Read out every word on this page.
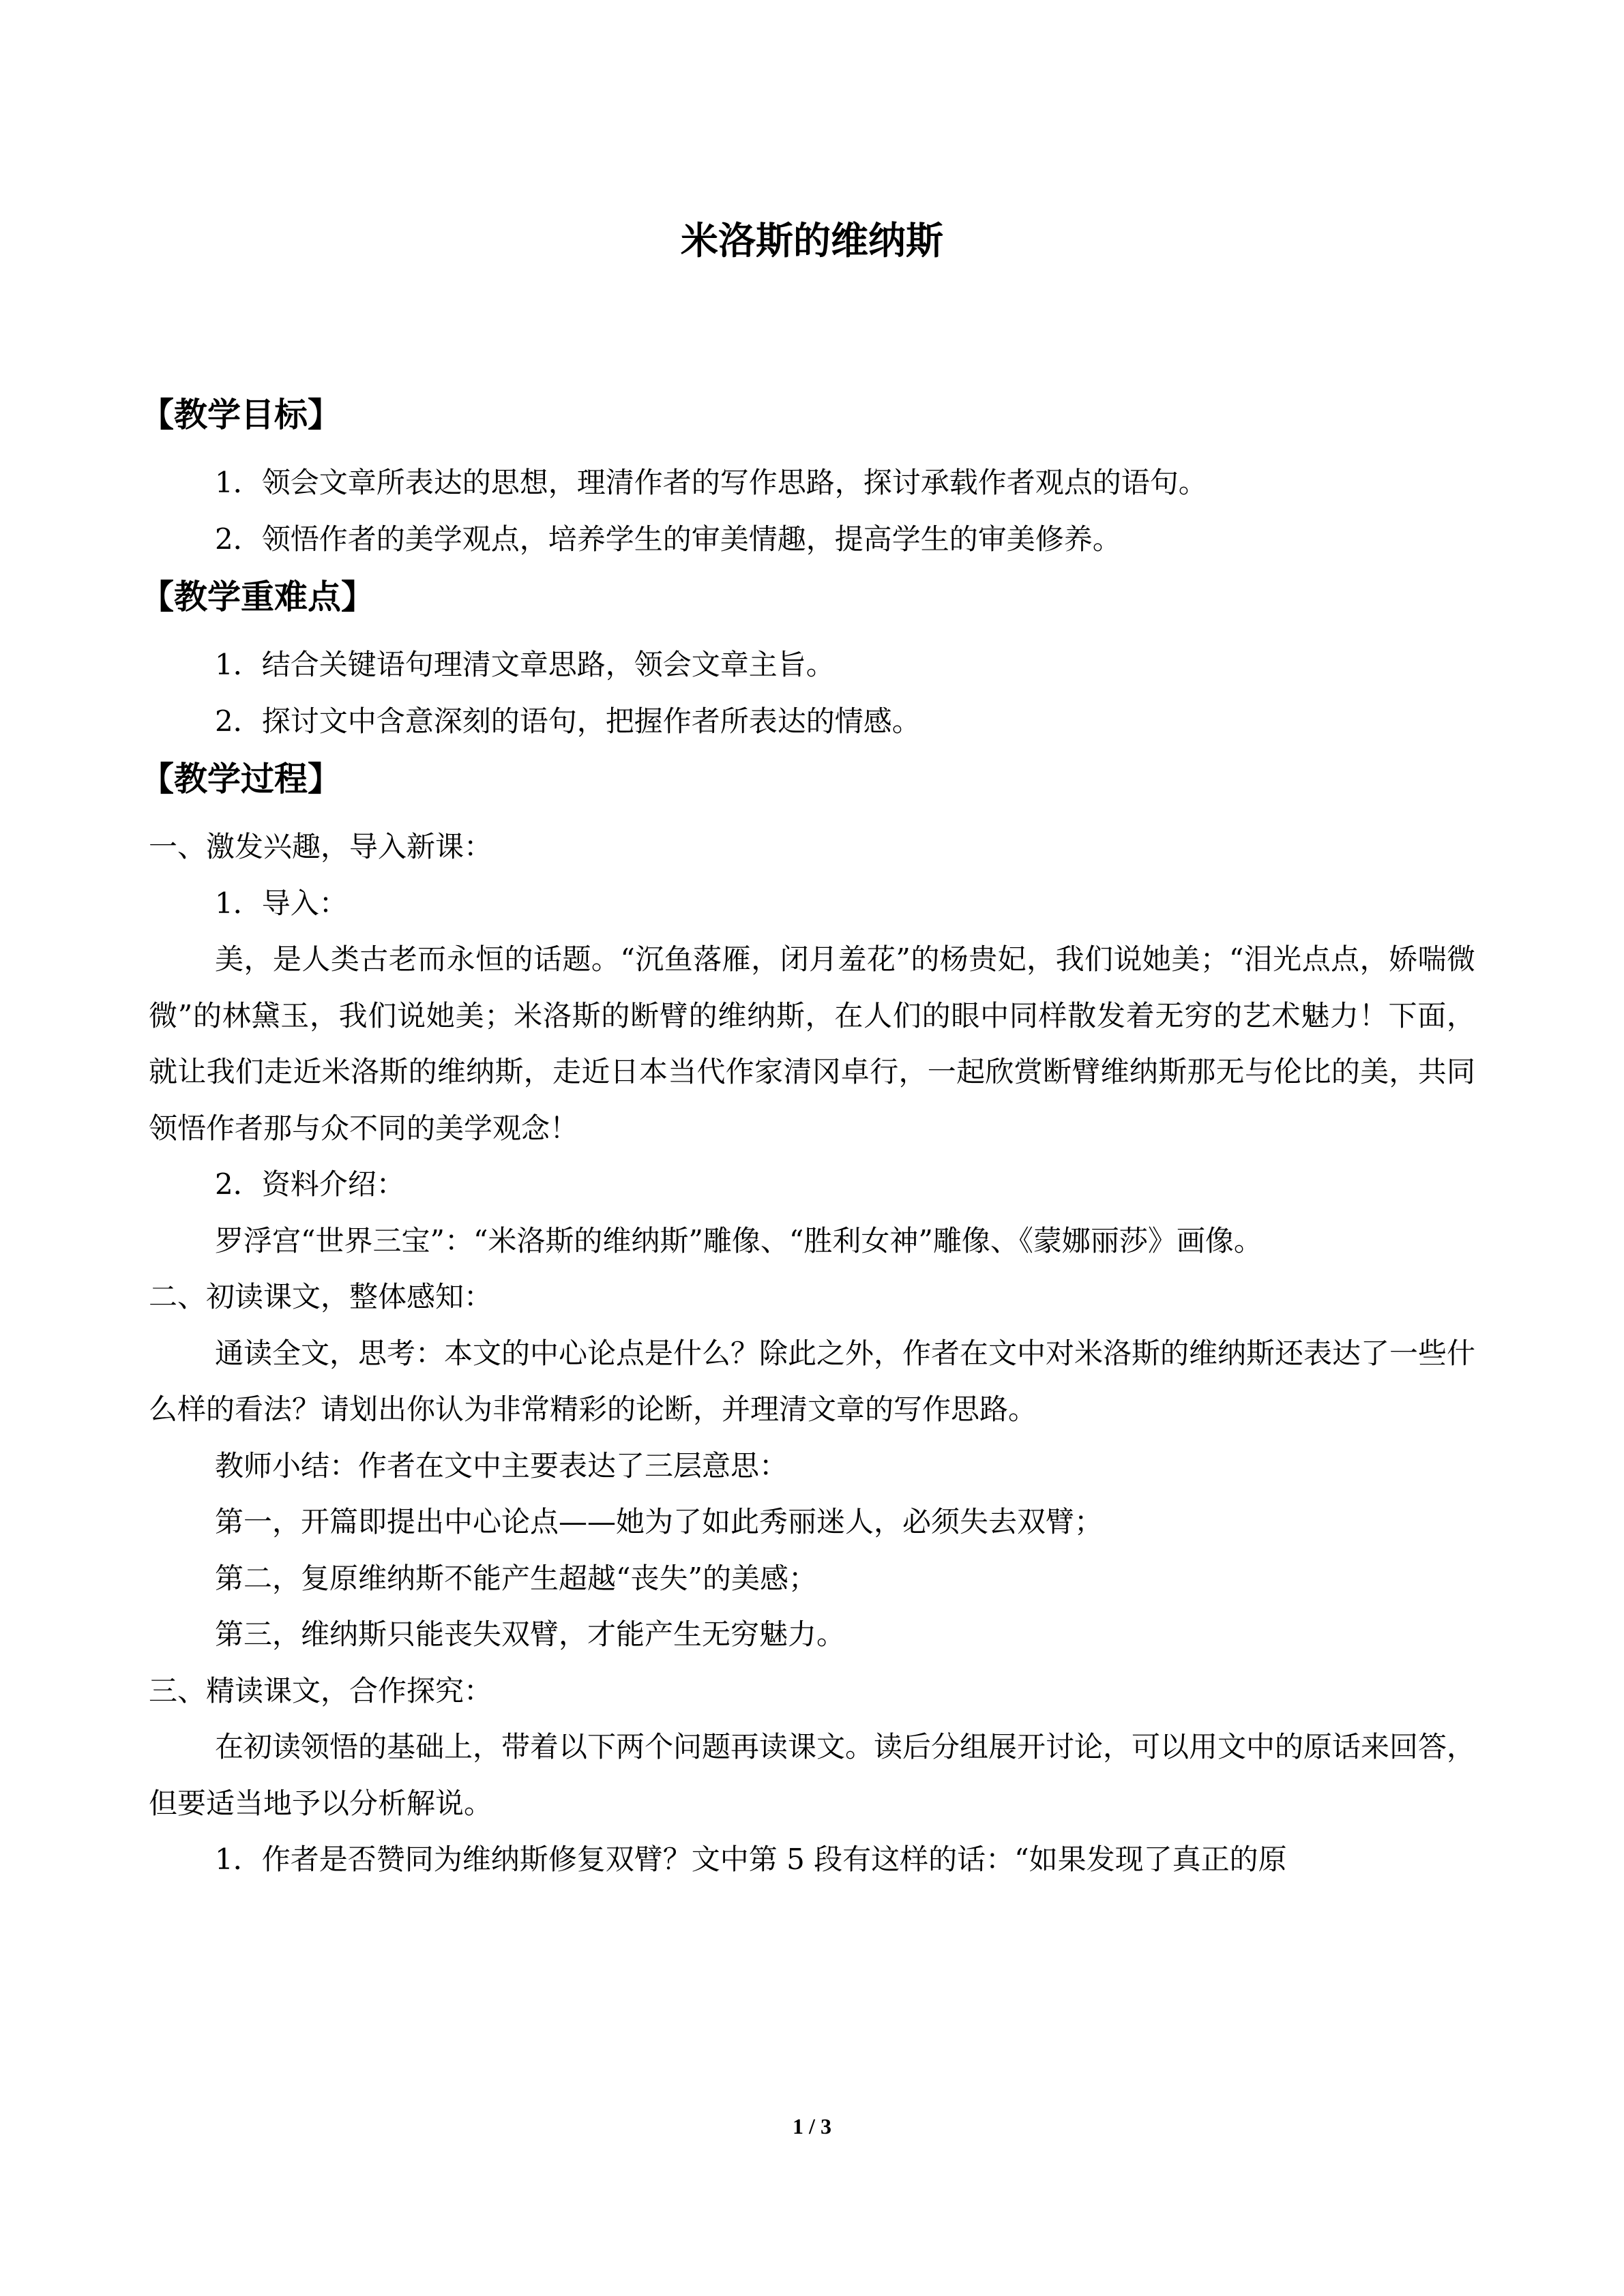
米洛斯的维纳斯
【教学目标】

1．领会文章所表达的思想，理清作者的写作思路，探讨承载作者观点的语句。

2．领悟作者的美学观点，培养学生的审美情趣，提高学生的审美修养。

【教学重难点】

1．结合关键语句理清文章思路，领会文章主旨。

2．探讨文中含意深刻的语句，把握作者所表达的情感。

【教学过程】

一、激发兴趣，导入新课：

1．导入：

美，是人类古老而永恒的话题。“沉鱼落雁，闭月羞花”的杨贵妃，我们说她美；“泪光点点，娇喘微微”的林黛玉，我们说她美；米洛斯的断臂的维纳斯，在人们的眼中同样散发着无穷的艺术魅力！下面，就让我们走近米洛斯的维纳斯，走近日本当代作家清冈卓行，一起欣赏断臂维纳斯那无与伦比的美，共同领悟作者那与众不同的美学观念！

2．资料介绍：

罗浮宫“世界三宝”：“米洛斯的维纳斯”雕像、“胜利女神”雕像、《蒙娜丽莎》画像。

二、初读课文，整体感知：

通读全文，思考：本文的中心论点是什么？除此之外，作者在文中对米洛斯的维纳斯还表达了一些什么样的看法？请划出你认为非常精彩的论断，并理清文章的写作思路。

教师小结：作者在文中主要表达了三层意思：

第一，开篇即提出中心论点——她为了如此秀丽迷人，必须失去双臂；

第二，复原维纳斯不能产生超越“丧失”的美感；

第三，维纳斯只能丧失双臂，才能产生无穷魅力。

三、精读课文，合作探究：

在初读领悟的基础上，带着以下两个问题再读课文。读后分组展开讨论，可以用文中的原话来回答，但要适当地予以分析解说。

1．作者是否赞同为维纳斯修复双臂？文中第 5 段有这样的话：“如果发现了真正的原

1 / 3
